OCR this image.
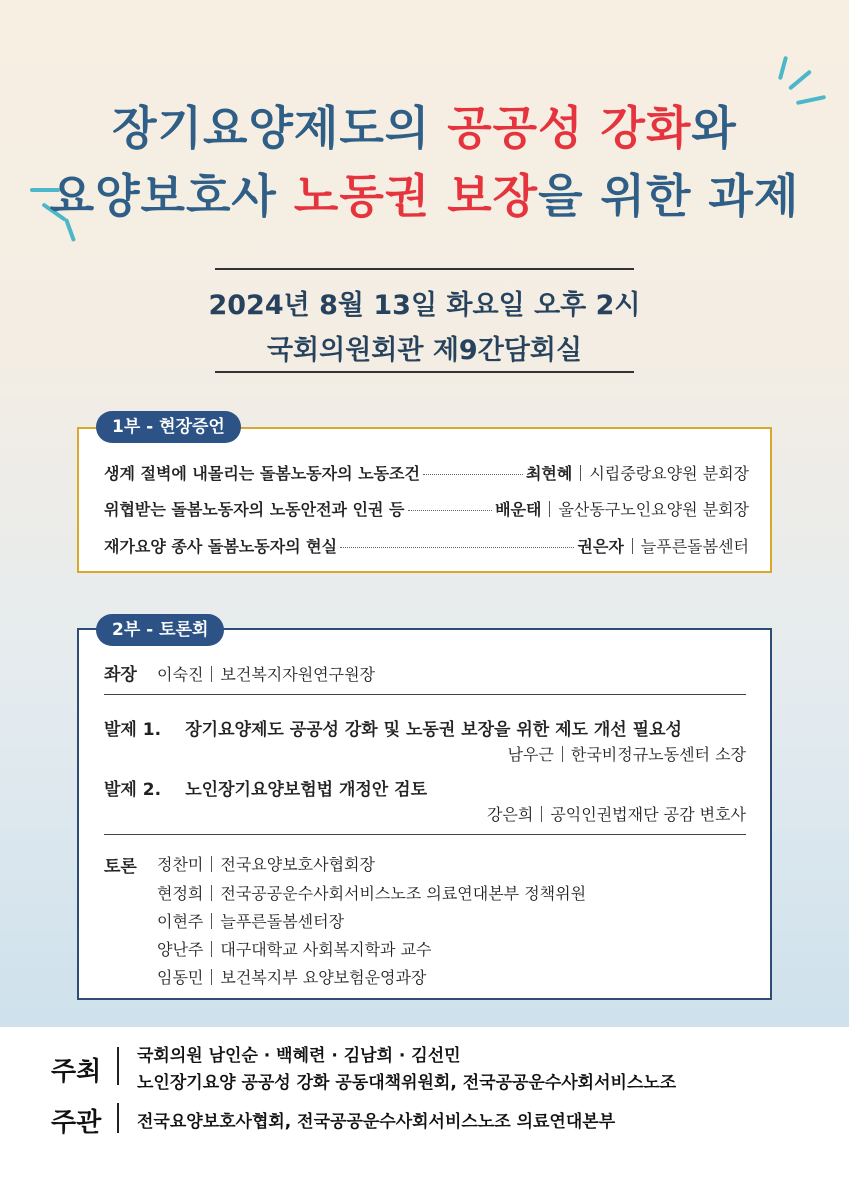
장기요양제도의 공공성 강화와
요양보호사 노동권 보장을 위한 과제
2024년 8월 13일 화요일 오후 2시
국회의원회관 제9간담회실
1부 - 현장증언
생계 절벽에 내몰리는 돌봄노동자의 노동조건	최현혜 시립중랑요양원 분회장
위협받는 돌봄노동자의 노동안전과 인권 등	배운태 울산동구노인요양원 분회장
재가요양 종사 돌봄노동자의 현실	권은자 늘푸른돌봄센터
2부 - 토론회
좌장 이숙진 보건복지자원연구원장
발제 1. 장기요양제도 공공성 강화 및 노동권 보장을 위한 제도 개선 필요성
남우근 한국비정규노동센터 소장
발제 2. 노인장기요양보험법 개정안 검토
강은희 공익인권법재단 공감 변호사
토론 정찬미 전국요양보호사협회장
현정희 전국공공운수사회서비스노조 의료연대본부 정책위원
이현주 늘푸른돌봄센터장
양난주 대구대학교 사회복지학과 교수
임동민 보건복지부 요양보험운영과장
주최
국회의원 남인순 · 백혜련 · 김남희 · 김선민
노인장기요양 공공성 강화 공동대책위원회, 전국공공운수사회서비스노조
주관 전국요양보호사협회, 전국공공운수사회서비스노조 의료연대본부
